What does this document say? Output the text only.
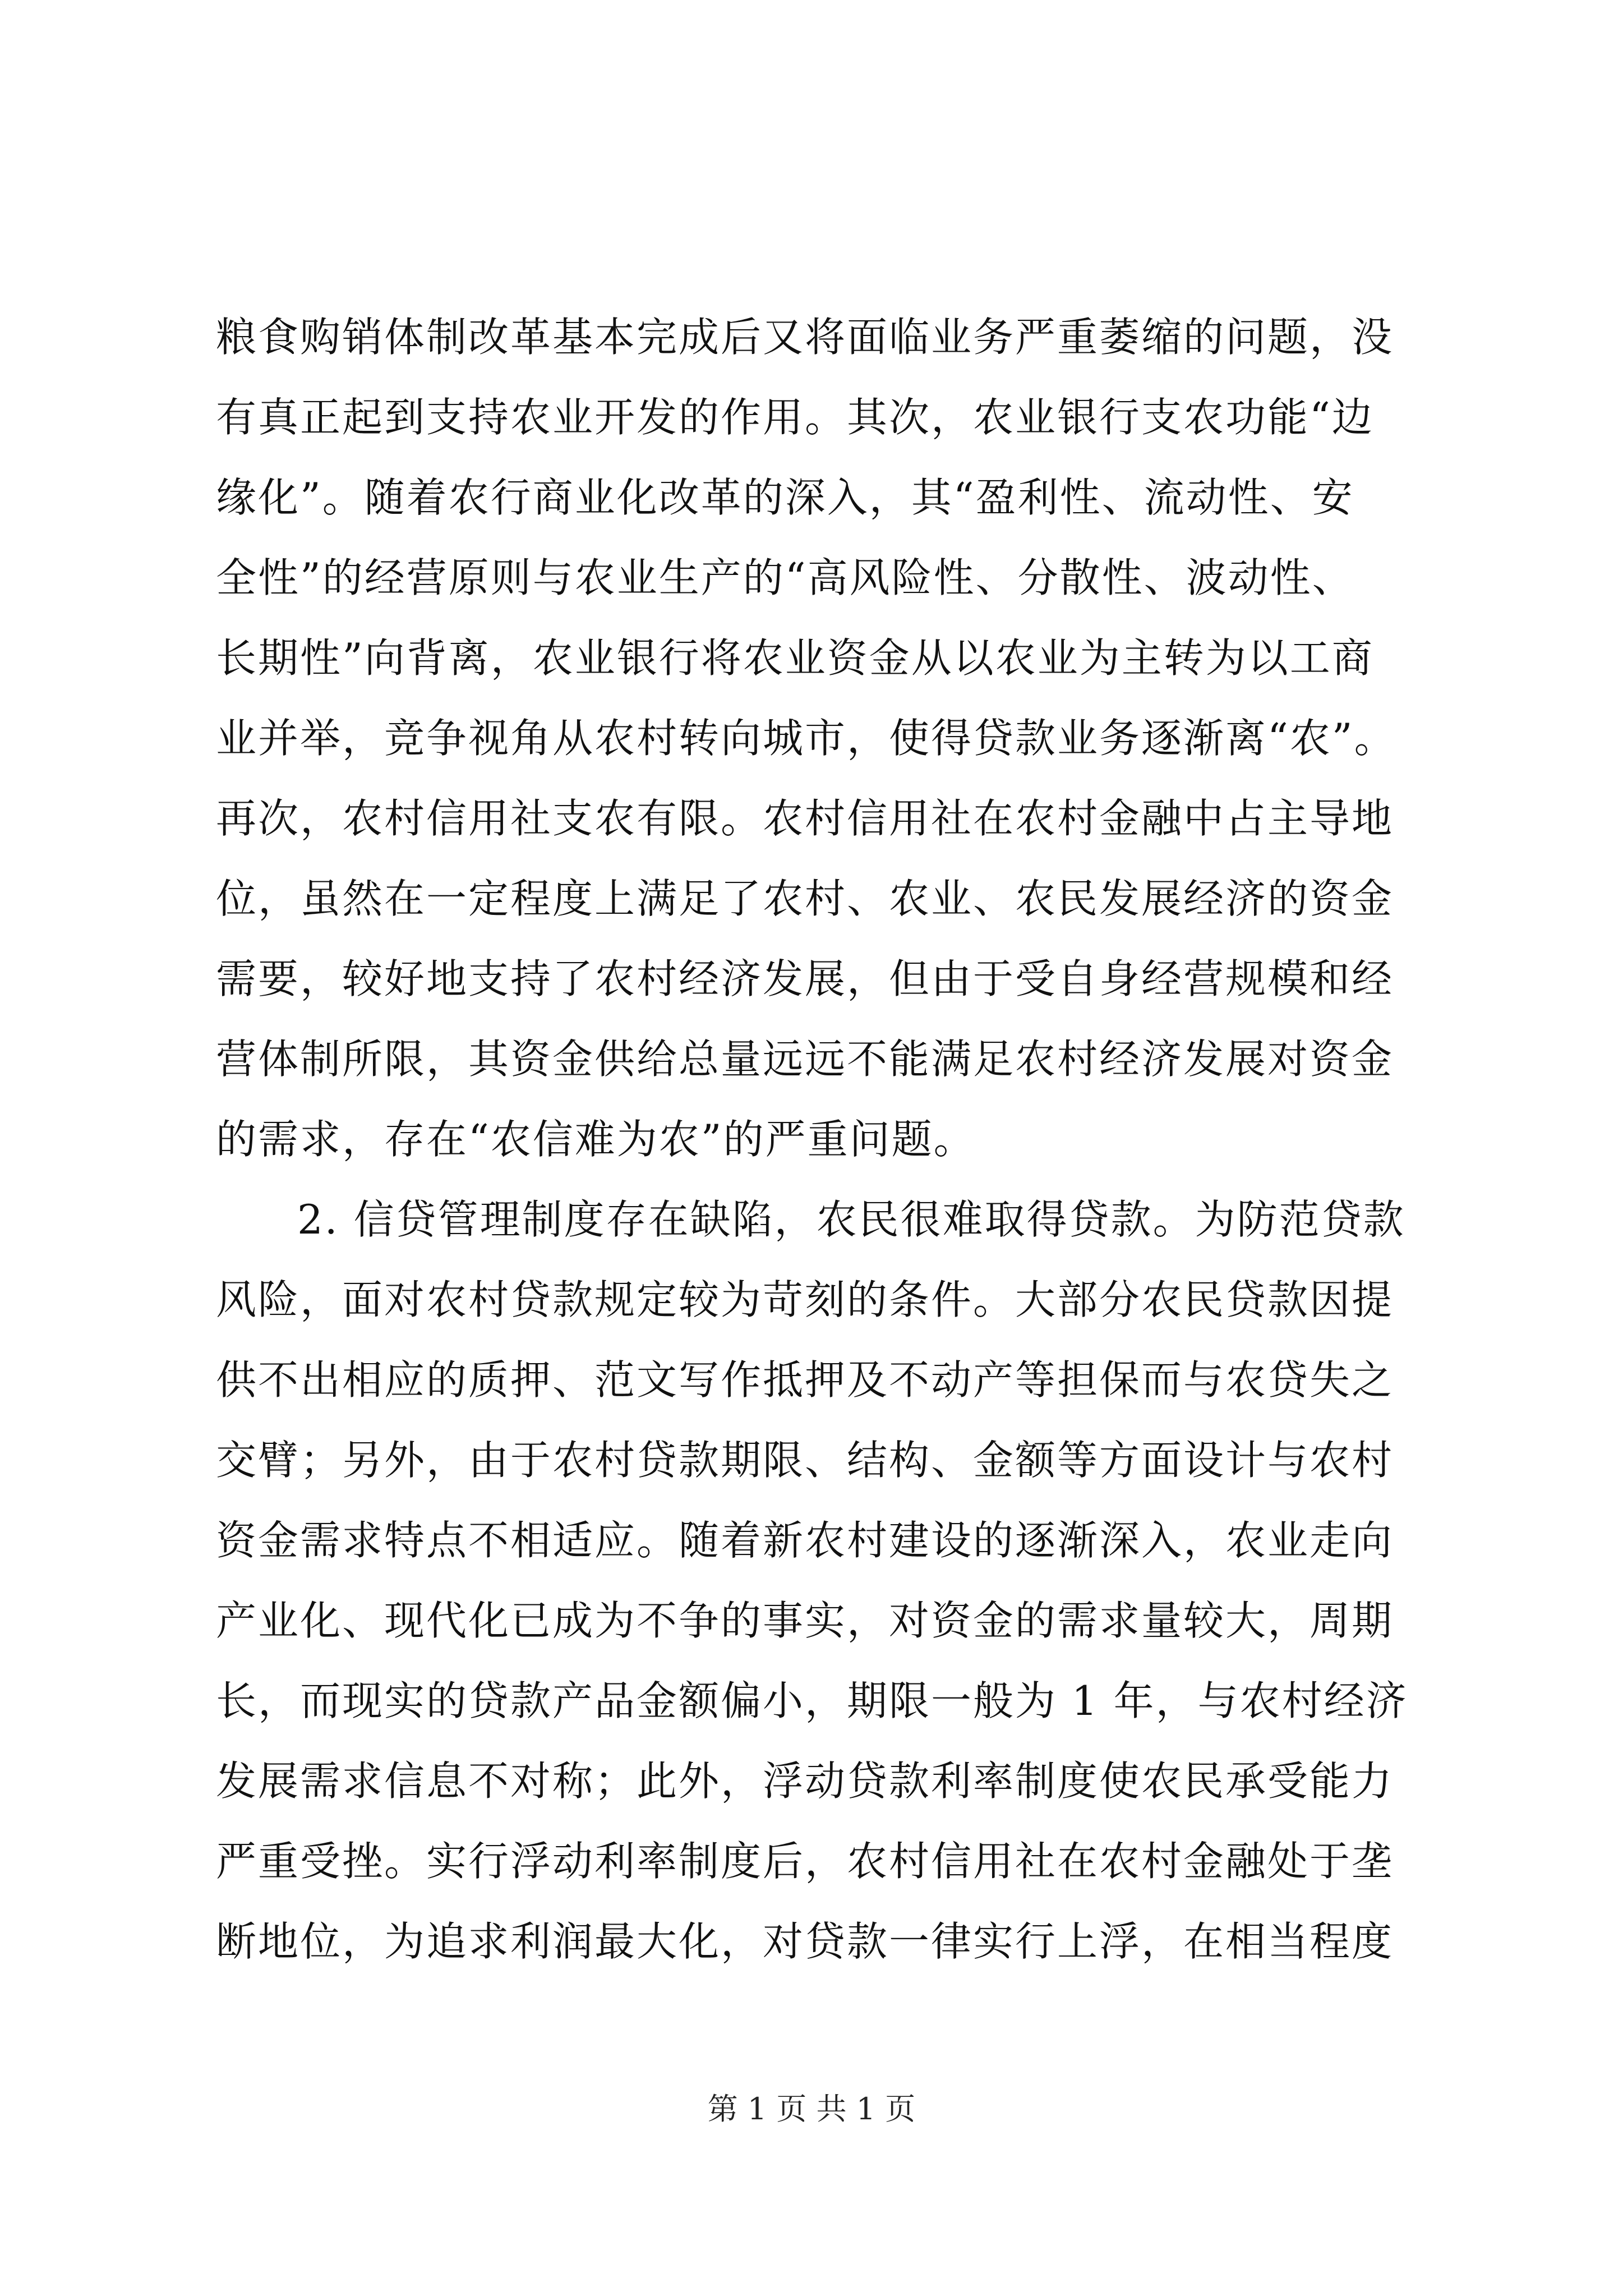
粮食购销体制改革基本完成后又将面临业务严重萎缩的问题，没
有真正起到支持农业开发的作用。其次，农业银行支农功能“边
缘化”。随着农行商业化改革的深入，其“盈利性、流动性、安
全性”的经营原则与农业生产的“高风险性、分散性、波动性、
长期性”向背离，农业银行将农业资金从以农业为主转为以工商
业并举，竞争视角从农村转向城市，使得贷款业务逐渐离“农”。
再次，农村信用社支农有限。农村信用社在农村金融中占主导地
位，虽然在一定程度上满足了农村、农业、农民发展经济的资金
需要，较好地支持了农村经济发展，但由于受自身经营规模和经
营体制所限，其资金供给总量远远不能满足农村经济发展对资金
的需求，存在“农信难为农”的严重问题。
2. 信贷管理制度存在缺陷，农民很难取得贷款。为防范贷款
风险，面对农村贷款规定较为苛刻的条件。大部分农民贷款因提
供不出相应的质押、范文写作抵押及不动产等担保而与农贷失之
交臂；另外，由于农村贷款期限、结构、金额等方面设计与农村
资金需求特点不相适应。随着新农村建设的逐渐深入，农业走向
产业化、现代化已成为不争的事实，对资金的需求量较大，周期
长，而现实的贷款产品金额偏小，期限一般为 1 年，与农村经济
发展需求信息不对称；此外，浮动贷款利率制度使农民承受能力
严重受挫。实行浮动利率制度后，农村信用社在农村金融处于垄
断地位，为追求利润最大化，对贷款一律实行上浮，在相当程度
第 1 页 共 1 页
